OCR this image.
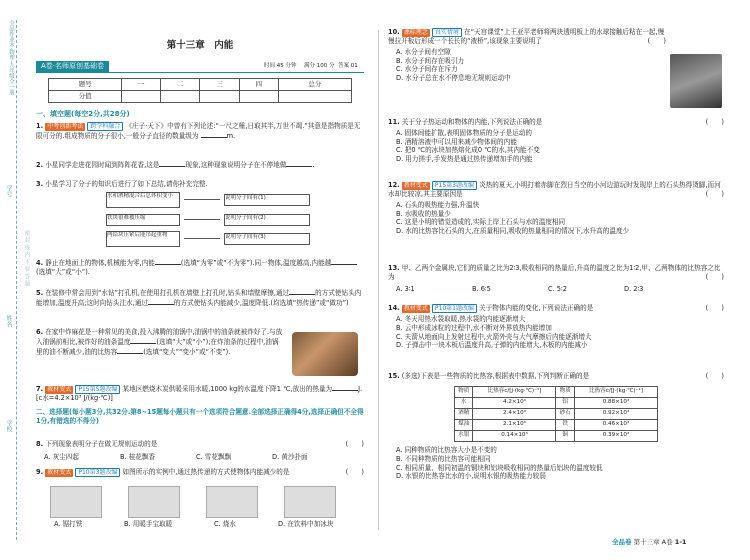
全品作业本·物理·九年级全一册
学号
姓名
学校
密 封 线 内 不 要 答 题
第十三章　内能
A卷·名师原创基础卷	时间 45 分钟 满分 100 分 答案 01
题号	一	二	三	四	总分
分值					
一、填空题(每空2分,共28分)
1. 中考创新考法 跨学科融合 《庄子·天下》中曾有下列论述:“一尺之棰,日取其半,万世不竭.”其意是指物质是无限可分的.组成物质的分子很小,一般分子直径的数量级为	m.
2. 小星同学走进花园时闻到阵阵花香,这是	现象,这种现象说明分子在不停地做	.
3. 小星学习了分子的知识后进行了如下总结,请你补充完整.
水和酒精混合后总体积变小
铁块很难被压缩
两铅块压紧后能吊起重物
说明分子间有(1)
说明分子间有(2)
说明分子间有(3)
4. 静止在地面上的物体,机械能为零,内能	(选填“为零”或“不为零”).同一物体,温度越高,内能越(选填“大”或“小”).
5. 在装修中常会用到“水钻”打孔机,在使用打孔机在墙壁上打孔时,钻头和墙壁摩擦,通过	的方式使钻头内能增加,温度升高;这时向钻头注水,通过	的方式使钻头内能减少,温度降低.(均选填“热传递”或“做功”)
6. 在家中炸麻花是一种常见的美食,投入沸腾的油锅中,油锅中的油条就被炸好了.与放入油锅前相比,被炸好的油条温度	(选填“大”或“小”);在炸油条的过程中,油锅里的油不断减少,油的比热容	(选填“变大”“变小”或“不变”).
7. 教材变式 P15第5题改编 某地区燃烧木炭供暖采用水暖,1000 kg的水温度下降1 ℃,放出的热量为	J.[c水=4.2×10³ J/(kg·℃)]
二、选择题(每小题3分,共32分.第8~15题每小题只有一个选项符合题意.全部选择正确得4分,选择正确但不全得1分,有错选的不得分)
8. 下列现象表明分子在做无规则运动的是	(　　)
A. 灰尘四起	B. 桂花飘香	C. 雪花飘飘	D. 黄沙扑面
9. 教材变式 P10第3题改编 如图所示的实例中,通过热传递的方式使物体内能减少的是	(　　)
A. 锯打铁	B. 用暖手宝取暖	C. 烧水	D. 在饮料中加冰块
10. 课标理念 真实情境 在“天宫课堂”上王亚平老师将两块透明板上的水球接触后粘在一起,慢慢拉开板后形成一个长长的“液桥”,该现象主要说明了	(　　)
A. 水分子间有空隙
B. 水分子间存在吸引力
C. 水分子间存在斥力
D. 水分子总在水不停息地无规则运动中
11. 关于分子热运动和物体的内能,下列说法正确的是	(　　)
A. 固体间能扩散,表明固体物质的分子是运动的
B. 酒精溶液中可以用来减少物体间的内能
C. 把0 ℃的冰块加热熔化成0 ℃的水,其内能不变
D. 用力搓手,手发热是通过热传递增加手的内能
12. 教材变式 P15第3题改编 炎热的夏天,小明打着赤脚在烈日当空的小河边游玩时发现岸上的石头热得烫脚,而河水却比较凉,其主要原因是	(　　)
A. 石头的吸热能力强,升温快
B. 水吸收的热量少
C. 这是小明的错觉造成的,实际上岸上石头与水的温度相同
D. 水的比热容比石头的大,在质量相同,吸收的热量相同的情况下,水升高的温度少
13. 甲、乙两个金属块,它们的质量之比为2∶3,吸收相同的热量后,升高的温度之比为1∶2,甲、乙两物体的比热容之比为	(　　)
A. 3∶1	B. 6∶5	C. 5∶2	D. 2∶3
14. 教材变式 P10第1题改编 关于物体内能的变化,下列说法正确的是	(　　)
A. 冬天用热水袋取暖,热水袋的内能逐渐增大
B. 云中形成冰粒的过程中,水不断对外界放热内能增加
C. 夫箭从地面向上发射过程中,火箭外壳与大气摩擦后内能逐渐增大
D. 子弹击中一块木板后温度升高,子弹的内能增大,木板的内能减小
15. (多选)下表是一些物质的比热容,根据表中数据,下列判断正确的是	(　　)
物质	比热容c/[J·(kg·℃)⁻¹]	物质	比热容c/[J·(kg·℃)⁻¹]
水	4.2×10³	铝	0.88×10³
酒精	2.4×10³	砂石	0.92×10³
煤油	2.1×10³	铁	0.46×10³
水银	0.14×10³	铜	0.39×10³
A. 同种物质的比热容大小是不变的
B. 不同种物质的比热容可能相同
C. 相同质量、相同初温的铜块和铝块吸收相同的热量后铝块的温度较低
D. 水银的比热容比水的小,说明水银的吸热能力较弱
全品卷 第十三章 A卷 1-1
